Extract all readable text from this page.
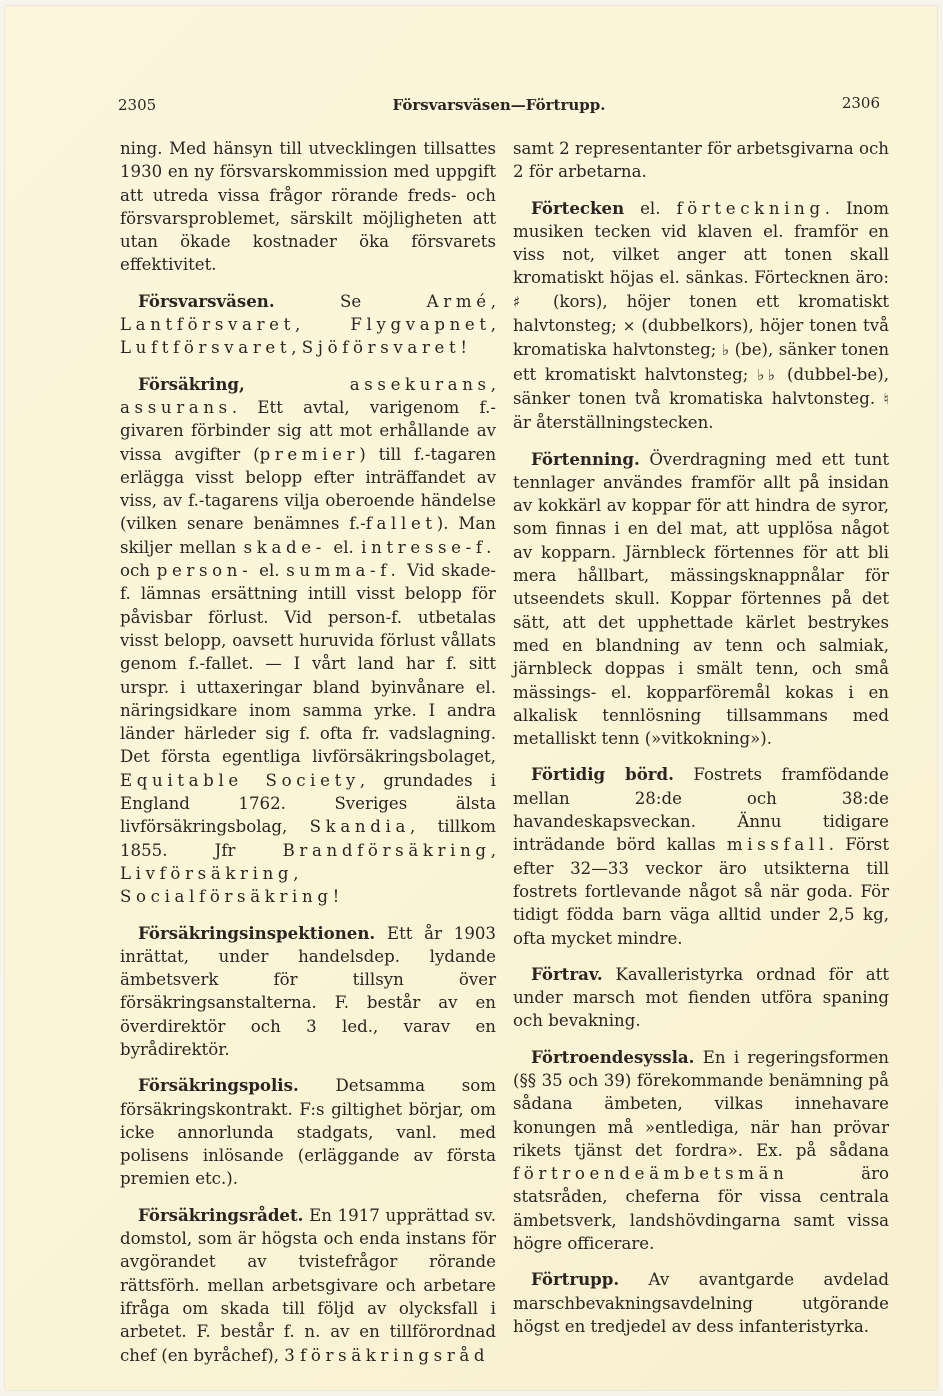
2305	Försvarsväsen—Förtrupp.	2306

ning. Med hänsyn till utvecklingen tillsattes 1930 en ny försvarskommission med uppgift att utreda vissa frågor rörande freds- och försvarsproblemet, särskilt möjligheten att utan ökade kostnader öka försvarets effektivitet.

Försvarsväsen.	Se	Armé, Lantförsvaret, Flygvapnet, Luftförsvaret, Sjöförsvaret!

Försäkring,	assekurans, assurans. Ett avtal, varigenom f.-givaren förbinder sig att mot erhållande av vissa avgifter (premier) till f.-tagaren erlägga visst belopp efter inträffandet av viss, av f.-tagarens vilja oberoende händelse (vilken senare benämnes f.-fallet). Man skiljer mellan skade- el. intresse-f. och person- el. summa-f. Vid skade-f. lämnas ersättning intill visst belopp för påvisbar förlust. Vid person-f. utbetalas visst belopp, oavsett huruvida förlust vållats genom f.-fallet. — I vårt land har f. sitt urspr. i uttaxeringar bland byinvånare el. näringsidkare inom samma yrke. I andra länder härleder sig f. ofta fr. vadslagning. Det första egentliga livförsäkringsbolaget, Equitable Society, grundades i England 1762. Sveriges älsta livförsäkringsbolag, Skandia, tillkom 1855. Jfr Brandförsäkring, Livförsäkring, Socialförsäkring!

Försäkringsinspektionen. Ett år 1903 inrättat, under handelsdep. lydande ämbetsverk för tillsyn över försäkringsanstalterna. F. består av en överdirektör och 3 led., varav en byrådirektör.

Försäkringspolis. Detsamma som försäkringskontrakt. F:s giltighet börjar, om icke annorlunda stadgats, vanl. med polisens inlösande (erläggande av första premien etc.).

Försäkringsrådet. En 1917 upprättad sv. domstol, som är högsta och enda instans för avgörandet av tvistefrågor rörande rättsförh. mellan arbetsgivare och arbetare ifråga om skada till följd av olycksfall i arbetet. F. består f. n. av en tillförordnad chef (en byråchef), 3 försäkringsråd

samt 2 representanter för arbetsgivarna och 2 för arbetarna.

Förtecken el. förteckning. Inom musiken tecken vid klaven el. framför en viss not, vilket anger att tonen skall kromatiskt höjas el. sänkas. Förtecknen äro: ♯ (kors), höjer tonen ett kromatiskt halvtonsteg; × (dubbelkors), höjer tonen två kromatiska halvtonsteg; ♭ (be), sänker tonen ett kromatiskt halvtonsteg; ♭♭ (dubbel-be), sänker tonen två kromatiska halvtonsteg. ♮ är återställningstecken.

Förtenning. Överdragning med ett tunt tennlager användes framför allt på insidan av kokkärl av koppar för att hindra de syror, som finnas i en del mat, att upplösa något av kopparn. Järnbleck förtennes för att bli mera hållbart, mässingsknappnålar för utseendets skull. Koppar förtennes på det sätt, att det upphettade kärlet bestrykes med en blandning av tenn och salmiak, järnbleck doppas i smält tenn, och små mässings- el. kopparföremål kokas i en alkalisk tennlösning tillsammans med metalliskt tenn (»vitkokning»).

Förtidig börd. Fostrets framfödande mellan 28:de och 38:de havandeskapsveckan. Ännu tidigare inträdande börd kallas missfall. Först efter 32—33 veckor äro utsikterna till fostrets fortlevande något så när goda. För tidigt födda barn väga alltid under 2,5 kg, ofta mycket mindre.

Förtrav. Kavalleristyrka ordnad för att under marsch mot fienden utföra spaning och bevakning.

Förtroendesyssla. En i regeringsformen (§§ 35 och 39) förekommande benämning på sådana ämbeten, vilkas innehavare konungen må »entlediga, när han prövar rikets tjänst det fordra». Ex. på sådana förtroendeämbetsmän äro statsråden, cheferna för vissa centrala ämbetsverk, landshövdingarna samt vissa högre officerare.

Förtrupp. Av avantgarde avdelad marschbevakningsavdelning utgörande högst en tredjedel av dess infanteristyrka.
